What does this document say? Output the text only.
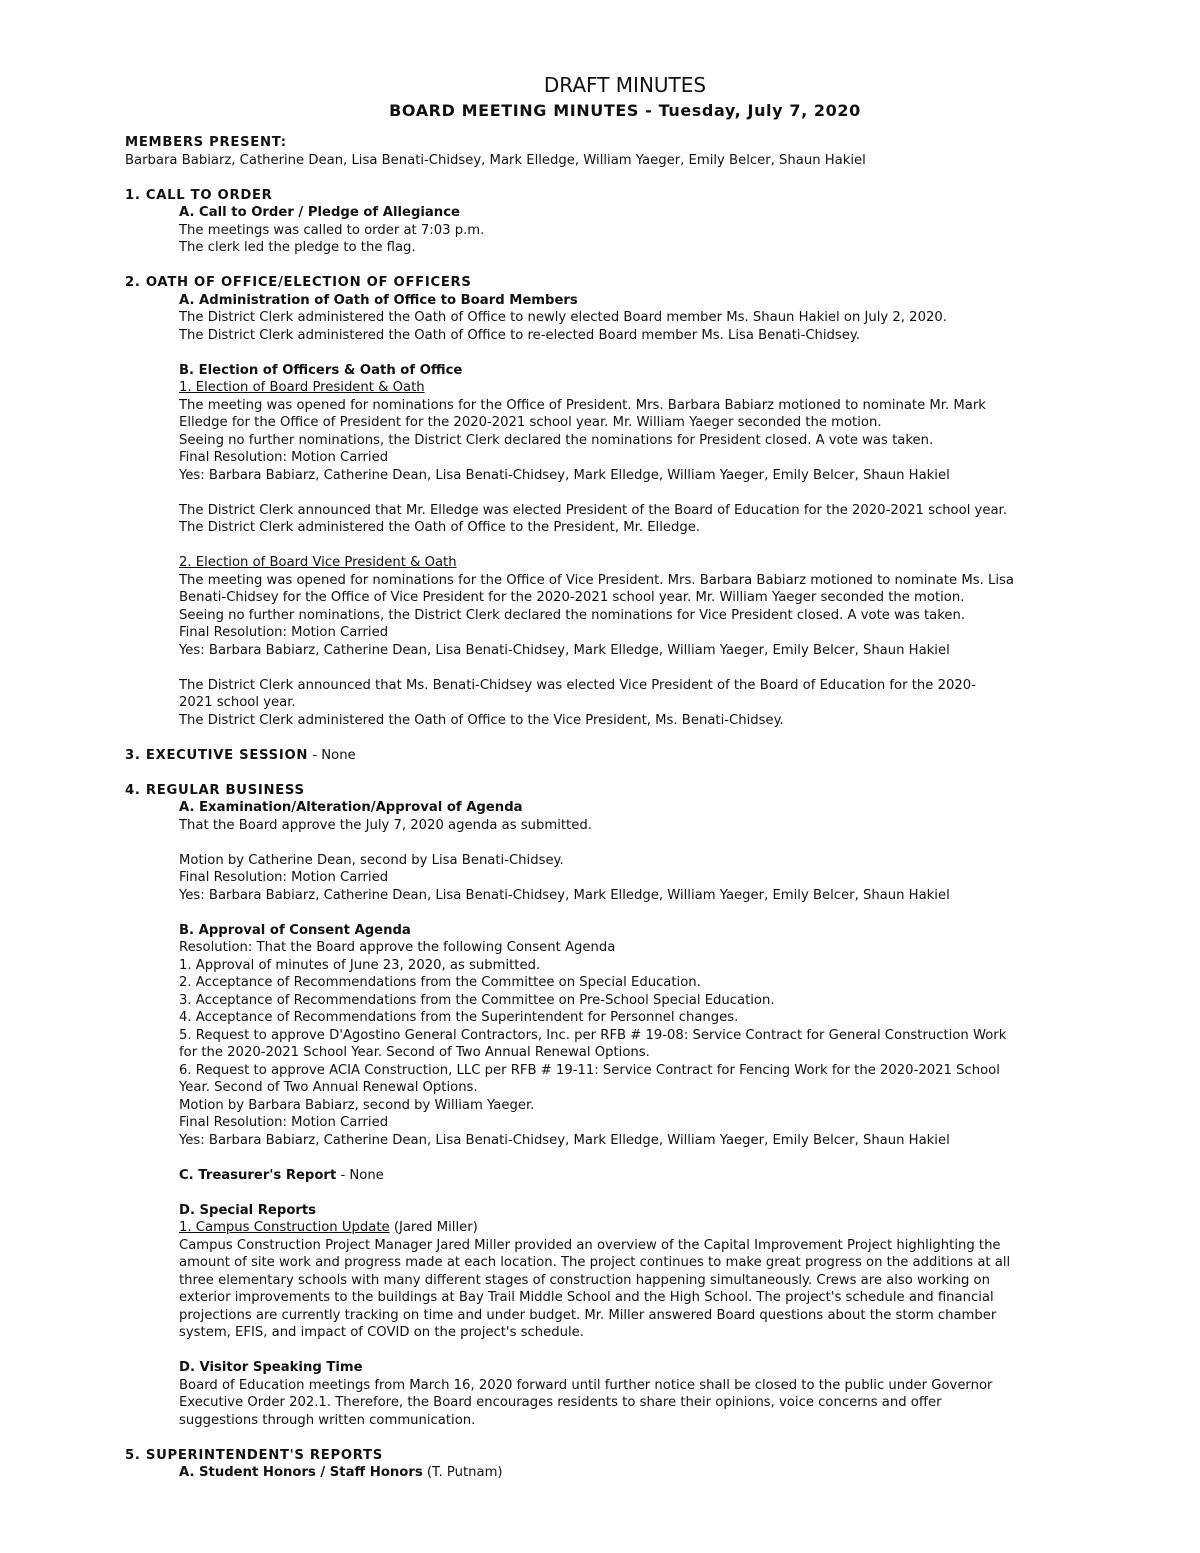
DRAFT MINUTES
BOARD MEETING MINUTES - Tuesday, July 7, 2020
MEMBERS PRESENT:
Barbara Babiarz, Catherine Dean, Lisa Benati-Chidsey, Mark Elledge, William Yaeger, Emily Belcer, Shaun Hakiel
1. CALL TO ORDER
A. Call to Order / Pledge of Allegiance
The meetings was called to order at 7:03 p.m.
The clerk led the pledge to the flag.
2. OATH OF OFFICE/ELECTION OF OFFICERS
A. Administration of Oath of Office to Board Members
The District Clerk administered the Oath of Office to newly elected Board member Ms. Shaun Hakiel on July 2, 2020.
The District Clerk administered the Oath of Office to re-elected Board member Ms. Lisa Benati-Chidsey.
B. Election of Officers & Oath of Office
1. Election of Board President & Oath
The meeting was opened for nominations for the Office of President. Mrs. Barbara Babiarz motioned to nominate Mr. Mark
Elledge for the Office of President for the 2020-2021 school year. Mr. William Yaeger seconded the motion.
Seeing no further nominations, the District Clerk declared the nominations for President closed. A vote was taken.
Final Resolution: Motion Carried
Yes: Barbara Babiarz, Catherine Dean, Lisa Benati-Chidsey, Mark Elledge, William Yaeger, Emily Belcer, Shaun Hakiel
The District Clerk announced that Mr. Elledge was elected President of the Board of Education for the 2020-2021 school year.
The District Clerk administered the Oath of Office to the President, Mr. Elledge.
2. Election of Board Vice President & Oath
The meeting was opened for nominations for the Office of Vice President. Mrs. Barbara Babiarz motioned to nominate Ms. Lisa
Benati-Chidsey for the Office of Vice President for the 2020-2021 school year. Mr. William Yaeger seconded the motion.
Seeing no further nominations, the District Clerk declared the nominations for Vice President closed. A vote was taken.
Final Resolution: Motion Carried
Yes: Barbara Babiarz, Catherine Dean, Lisa Benati-Chidsey, Mark Elledge, William Yaeger, Emily Belcer, Shaun Hakiel
The District Clerk announced that Ms. Benati-Chidsey was elected Vice President of the Board of Education for the 2020-
2021 school year.
The District Clerk administered the Oath of Office to the Vice President, Ms. Benati-Chidsey.
3. EXECUTIVE SESSION - None
4. REGULAR BUSINESS
A. Examination/Alteration/Approval of Agenda
That the Board approve the July 7, 2020 agenda as submitted.
Motion by Catherine Dean, second by Lisa Benati-Chidsey.
Final Resolution: Motion Carried
Yes: Barbara Babiarz, Catherine Dean, Lisa Benati-Chidsey, Mark Elledge, William Yaeger, Emily Belcer, Shaun Hakiel
B. Approval of Consent Agenda
Resolution: That the Board approve the following Consent Agenda
1. Approval of minutes of June 23, 2020, as submitted.
2. Acceptance of Recommendations from the Committee on Special Education.
3. Acceptance of Recommendations from the Committee on Pre-School Special Education.
4. Acceptance of Recommendations from the Superintendent for Personnel changes.
5. Request to approve D'Agostino General Contractors, Inc. per RFB # 19-08: Service Contract for General Construction Work
for the 2020-2021 School Year. Second of Two Annual Renewal Options.
6. Request to approve ACIA Construction, LLC per RFB # 19-11: Service Contract for Fencing Work for the 2020-2021 School
Year. Second of Two Annual Renewal Options.
Motion by Barbara Babiarz, second by William Yaeger.
Final Resolution: Motion Carried
Yes: Barbara Babiarz, Catherine Dean, Lisa Benati-Chidsey, Mark Elledge, William Yaeger, Emily Belcer, Shaun Hakiel
C. Treasurer's Report - None
D. Special Reports
1. Campus Construction Update (Jared Miller)
Campus Construction Project Manager Jared Miller provided an overview of the Capital Improvement Project highlighting the
amount of site work and progress made at each location. The project continues to make great progress on the additions at all
three elementary schools with many different stages of construction happening simultaneously. Crews are also working on
exterior improvements to the buildings at Bay Trail Middle School and the High School. The project's schedule and financial
projections are currently tracking on time and under budget. Mr. Miller answered Board questions about the storm chamber
system, EFIS, and impact of COVID on the project's schedule.
D. Visitor Speaking Time
Board of Education meetings from March 16, 2020 forward until further notice shall be closed to the public under Governor
Executive Order 202.1. Therefore, the Board encourages residents to share their opinions, voice concerns and offer
suggestions through written communication.
5. SUPERINTENDENT'S REPORTS
A. Student Honors / Staff Honors (T. Putnam)
